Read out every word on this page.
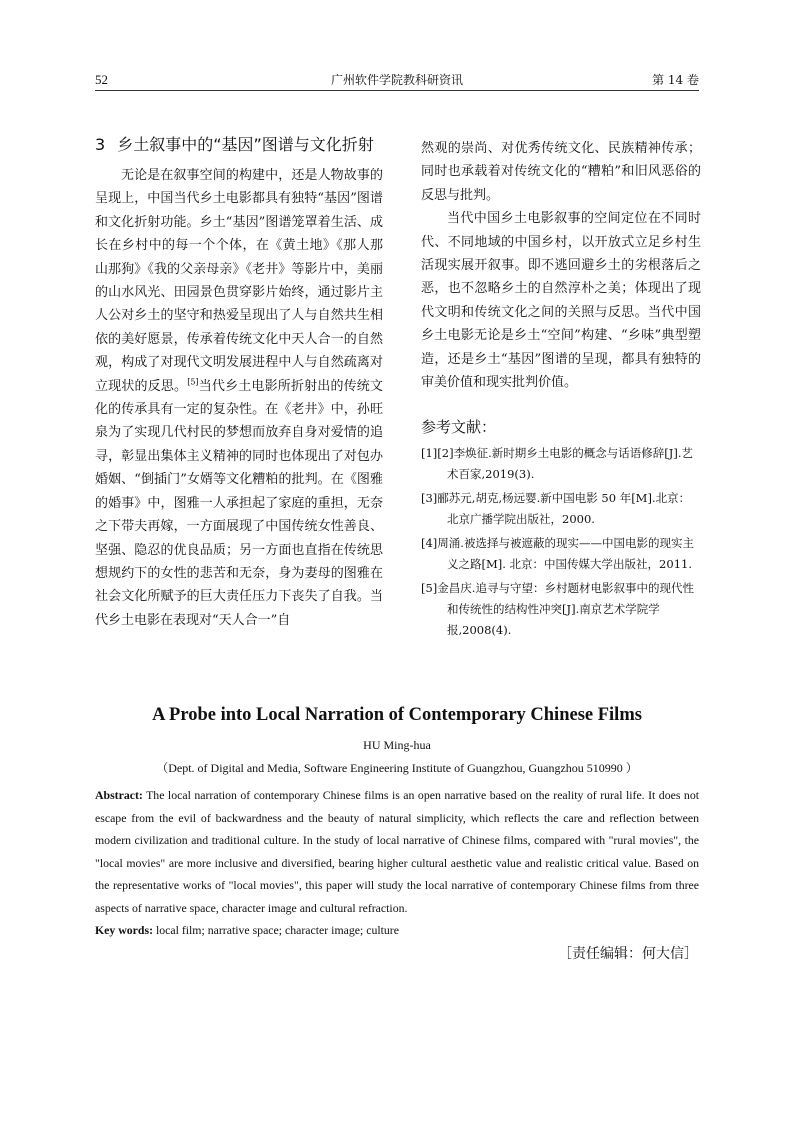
52	广州软件学院教科研资讯	第 14 卷
3 乡土叙事中的“基因”图谱与文化折射

无论是在叙事空间的构建中，还是人物故事的呈现上，中国当代乡土电影都具有独特“基因”图谱和文化折射功能。乡土“基因”图谱笼罩着生活、成长在乡村中的每一个个体，在《黄土地》《那人那山那狗》《我的父亲母亲》《老井》等影片中，美丽的山水风光、田园景色贯穿影片始终，通过影片主人公对乡土的坚守和热爱呈现出了人与自然共生相依的美好愿景，传承着传统文化中天人合一的自然观，构成了对现代文明发展进程中人与自然疏离对立现状的反思。[5]当代乡土电影所折射出的传统文化的传承具有一定的复杂性。在《老井》中，孙旺泉为了实现几代村民的梦想而放弃自身对爱情的追寻，彰显出集体主义精神的同时也体现出了对包办婚姻、“倒插门”女婿等文化糟粕的批判。在《图雅的婚事》中，图雅一人承担起了家庭的重担，无奈之下带夫再嫁，一方面展现了中国传统女性善良、坚强、隐忍的优良品质；另一方面也直指在传统思想规约下的女性的悲苦和无奈，身为妻母的图雅在社会文化所赋予的巨大责任压力下丧失了自我。当代乡土电影在表现对“天人合一”自

然观的崇尚、对优秀传统文化、民族精神传承；同时也承载着对传统文化的“糟粕”和旧风恶俗的反思与批判。

当代中国乡土电影叙事的空间定位在不同时代、不同地域的中国乡村，以开放式立足乡村生活现实展开叙事。即不逃回避乡土的劣根落后之恶，也不忽略乡土的自然淳朴之美；体现出了现代文明和传统文化之间的关照与反思。当代中国乡土电影无论是乡土“空间”构建、“乡味”典型塑造，还是乡土“基因”图谱的呈现，都具有独特的审美价值和现实批判价值。

参考文献：

[1][2]李焕征.新时期乡土电影的概念与话语修辞[J].艺术百家,2019(3).

[3]郦苏元,胡克,杨远婴.新中国电影 50 年[M].北京：北京广播学院出版社，2000.

[4]周涌.被选择与被遮蔽的现实——中国电影的现实主义之路[M]. 北京：中国传媒大学出版社，2011.

[5]金昌庆.追寻与守望：乡村题材电影叙事中的现代性和传统性的结构性冲突[J].南京艺术学院学报,2008(4).

A Probe into Local Narration of Contemporary Chinese Films

HU Ming-hua

（Dept. of Digital and Media, Software Engineering Institute of Guangzhou, Guangzhou 510990 ）

Abstract: The local narration of contemporary Chinese films is an open narrative based on the reality of rural life. It does not escape from the evil of backwardness and the beauty of natural simplicity, which reflects the care and reflection between modern civilization and traditional culture. In the study of local narrative of Chinese films, compared with "rural movies", the "local movies" are more inclusive and diversified, bearing higher cultural aesthetic value and realistic critical value. Based on the representative works of "local movies", this paper will study the local narrative of contemporary Chinese films from three aspects of narrative space, character image and cultural refraction.

Key words: local film; narrative space; character image; culture

［责任编辑：何大信］
